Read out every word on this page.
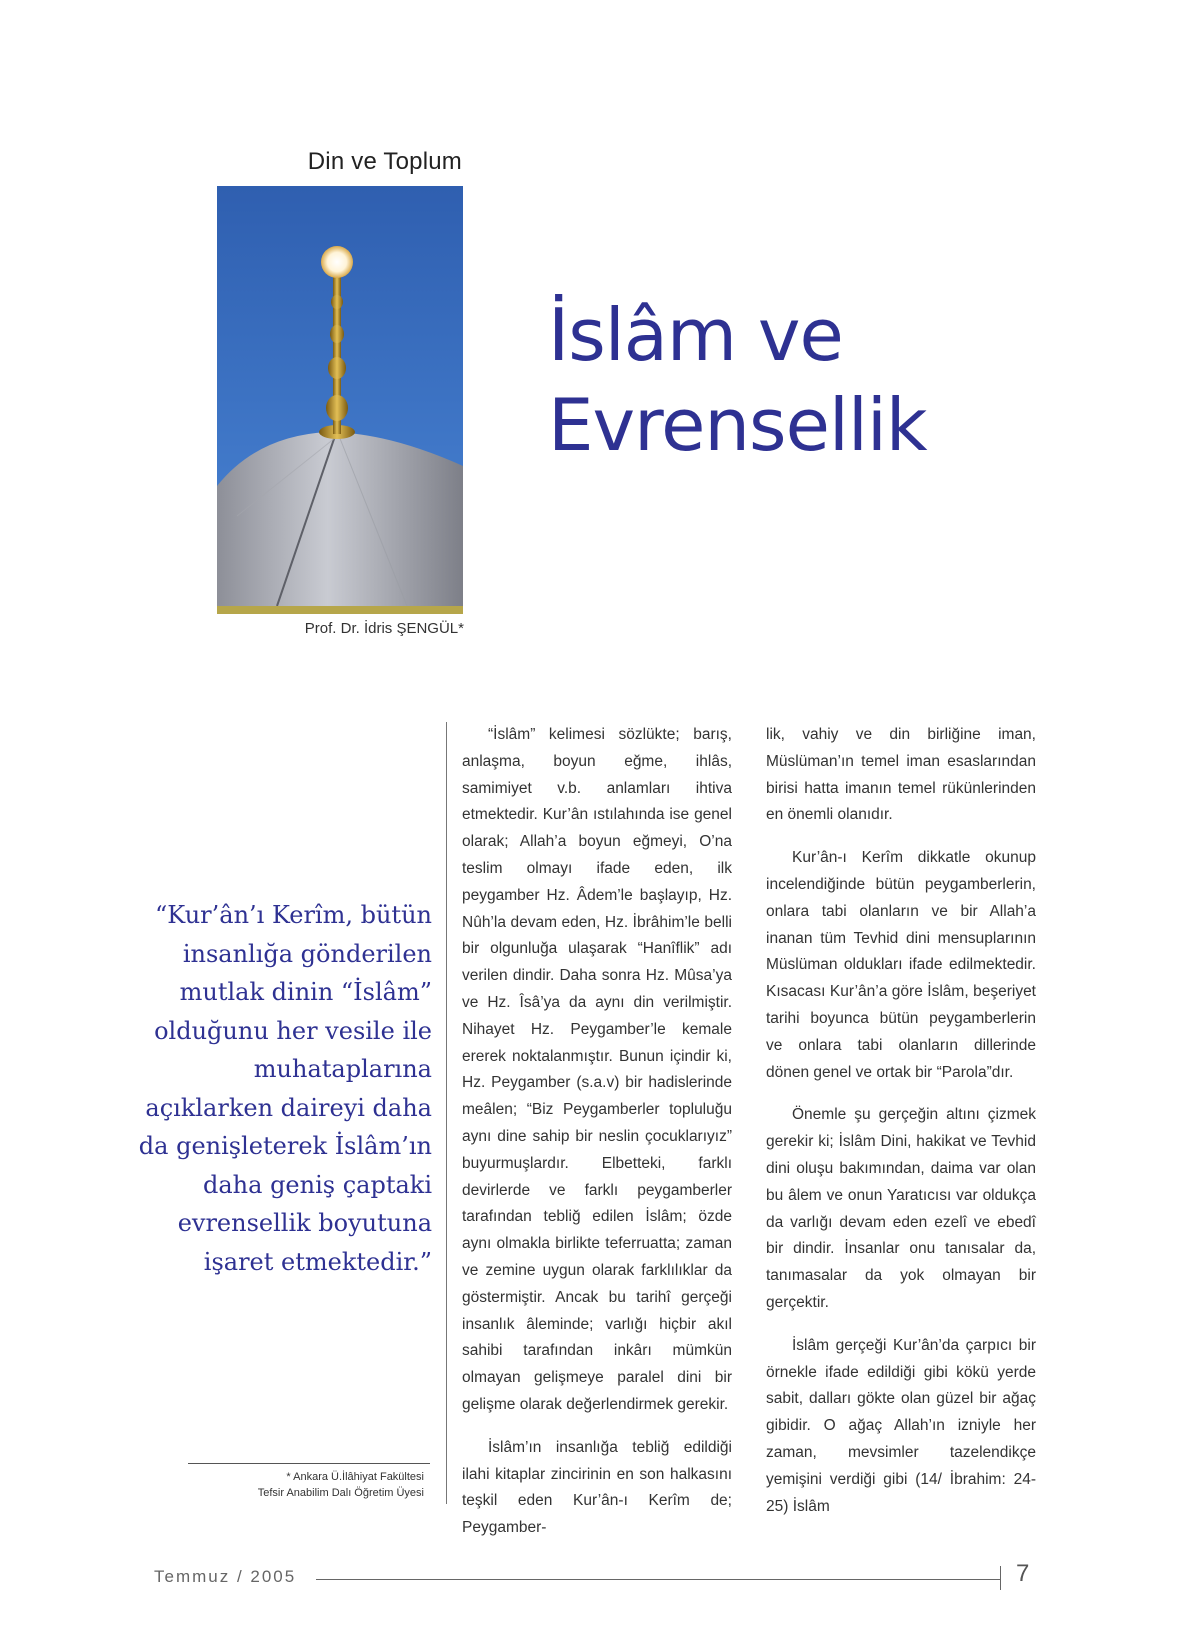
Din ve Toplum
Prof. Dr. İdris ŞENGÜL*
İslâm ve
Evrensellik
“Kur’ân’ı Kerîm, bütün insanlığa gönderilen mutlak dinin “İslâm” olduğunu her vesile ile muhataplarına açıklarken daireyi daha da genişleterek İslâm’ın daha geniş çaptaki evrensellik boyutuna işaret etmektedir.”
* Ankara Ü.İlâhiyat Fakültesi
Tefsir Anabilim Dalı Öğretim Üyesi

“İslâm” kelimesi sözlükte; barış, anlaşma, boyun eğme, ihlâs, samimiyet v.b. anlamları ihtiva etmektedir. Kur’ân ıstılahında ise genel olarak; Allah’a boyun eğmeyi, O’na teslim olmayı ifade eden, ilk peygamber Hz. Âdem’le başlayıp, Hz. Nûh’la devam eden, Hz. İbrâhim’le belli bir olgunluğa ulaşarak “Hanîflik” adı verilen dindir. Daha sonra Hz. Mûsa’ya ve Hz. Îsâ’ya da aynı din verilmiştir. Nihayet Hz. Peygamber’le kemale ererek noktalanmıştır. Bunun içindir ki, Hz. Peygamber (s.a.v) bir hadislerinde meâlen; “Biz Peygamberler topluluğu aynı dine sahip bir neslin çocuklarıyız” buyurmuşlardır. Elbetteki, farklı devirlerde ve farklı peygamberler tarafından tebliğ edilen İslâm; özde aynı olmakla birlikte teferruatta; zaman ve zemine uygun olarak farklılıklar da göstermiştir. Ancak bu tarihî gerçeği insanlık âleminde; varlığı hiçbir akıl sahibi tarafından inkârı mümkün olmayan gelişmeye paralel dini bir gelişme olarak değerlendirmek gerekir.

İslâm’ın insanlığa tebliğ edildiği ilahi kitaplar zincirinin en son halkasını teşkil eden Kur’ân-ı Kerîm de; Peygamber-

lik, vahiy ve din birliğine iman, Müslüman’ın temel iman esaslarından birisi hatta imanın temel rükünlerinden en önemli olanıdır.

Kur’ân-ı Kerîm dikkatle okunup incelendiğinde bütün peygamberlerin, onlara tabi olanların ve bir Allah’a inanan tüm Tevhid dini mensuplarının Müslüman oldukları ifade edilmektedir. Kısacası Kur’ân’a göre İslâm, beşeriyet tarihi boyunca bütün peygamberlerin ve onlara tabi olanların dillerinde dönen genel ve ortak bir “Parola”dır.

Önemle şu gerçeğin altını çizmek gerekir ki; İslâm Dini, hakikat ve Tevhid dini oluşu bakımından, daima var olan bu âlem ve onun Yaratıcısı var oldukça da varlığı devam eden ezelî ve ebedî bir dindir. İnsanlar onu tanısalar da, tanımasalar da yok olmayan bir gerçektir.

İslâm gerçeği Kur’ân’da çarpıcı bir örnekle ifade edildiği gibi kökü yerde sabit, dalları gökte olan güzel bir ağaç gibidir. O ağaç Allah’ın izniyle her zaman, mevsimler tazelendikçe yemişini verdiği gibi (14/ İbrahim: 24-25) İslâm

Temmuz / 2005	7
